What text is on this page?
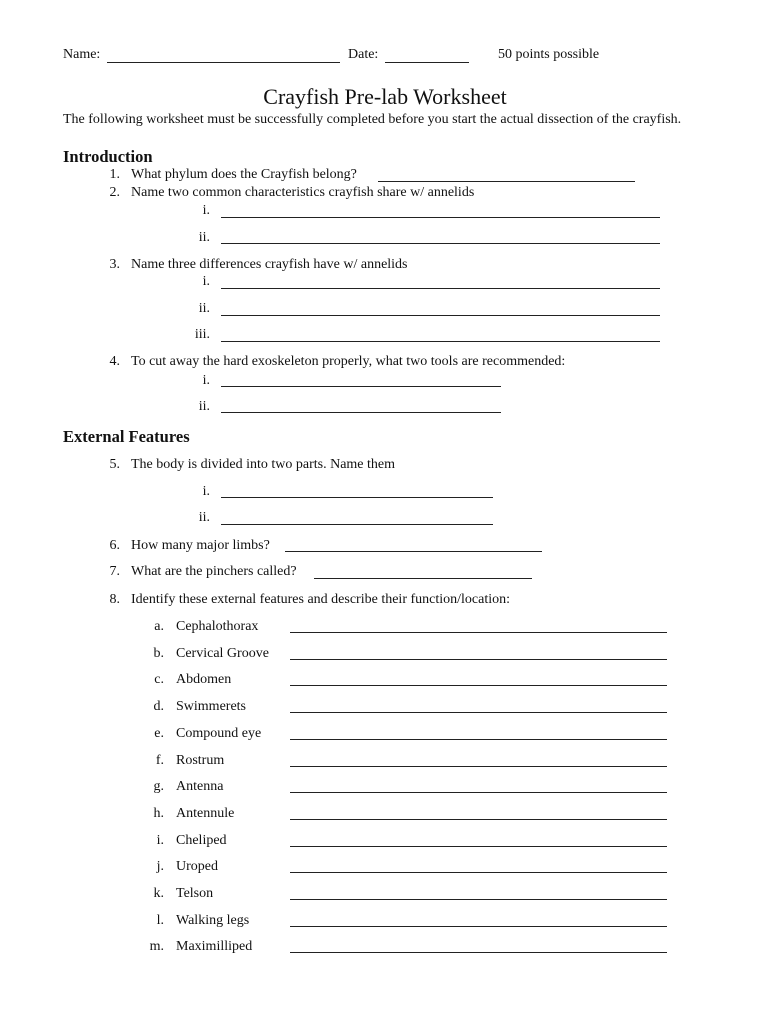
Name:	Date:	50 points possible
Crayfish Pre-lab Worksheet
The following worksheet must be successfully completed before you start the actual dissection of the crayfish.
Introduction
1. What phylum does the Crayfish belong?
2. Name two common characteristics crayfish share w/ annelids
i.
ii.
3. Name three differences crayfish have w/ annelids
i.
ii.
iii.
4. To cut away the hard exoskeleton properly, what two tools are recommended:
i.
ii.
External Features
5. The body is divided into two parts. Name them
i.
ii.
6. How many major limbs?
7. What are the pinchers called?
8. Identify these external features and describe their function/location:
a. Cephalothorax
b. Cervical Groove
c. Abdomen
d. Swimmerets
e. Compound eye
f. Rostrum
g. Antenna
h. Antennule
i. Cheliped
j. Uroped
k. Telson
l. Walking legs
m. Maximilliped
